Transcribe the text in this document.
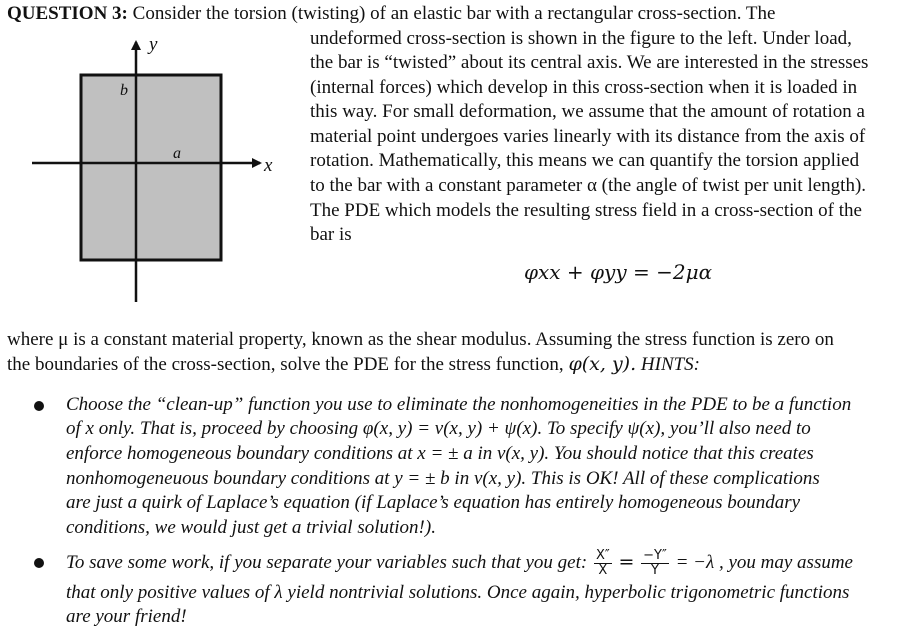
QUESTION 3: Consider the torsion (twisting) of an elastic bar with a rectangular cross-section. The
y
x
b
a
undeformed cross-section is shown in the figure to the left. Under load,
the bar is “twisted” about its central axis. We are interested in the stresses
(internal forces) which develop in this cross-section when it is loaded in
this way. For small deformation, we assume that the amount of rotation a
material point undergoes varies linearly with its distance from the axis of
rotation. Mathematically, this means we can quantify the torsion applied
to the bar with a constant parameter α (the angle of twist per unit length).
The PDE which models the resulting stress field in a cross-section of the
bar is
φxx + φyy = −2μα
where μ is a constant material property, known as the shear modulus. Assuming the stress function is zero on
the boundaries of the cross-section, solve the PDE for the stress function, φ(x, y). HINTS:
Choose the “clean-up” function you use to eliminate the nonhomogeneities in the PDE to be a function
of x only. That is, proceed by choosing φ(x, y) = v(x, y) + ψ(x). To specify ψ(x), you’ll also need to
enforce homogeneous boundary conditions at x = ± a in v(x, y). You should notice that this creates
nonhomogeneuous boundary conditions at y = ± b in v(x, y). This is OK! All of these complications
are just a quirk of Laplace’s equation (if Laplace’s equation has entirely homogeneous boundary
conditions, we would just get a trivial solution!).
To save some work, if you separate your variables such that you get: $\frac{X''}{X} = \frac{-Y''}{Y} = -\lambda$ , you may assume
that only positive values of λ yield nontrivial solutions. Once again, hyperbolic trigonometric functions
are your friend!
